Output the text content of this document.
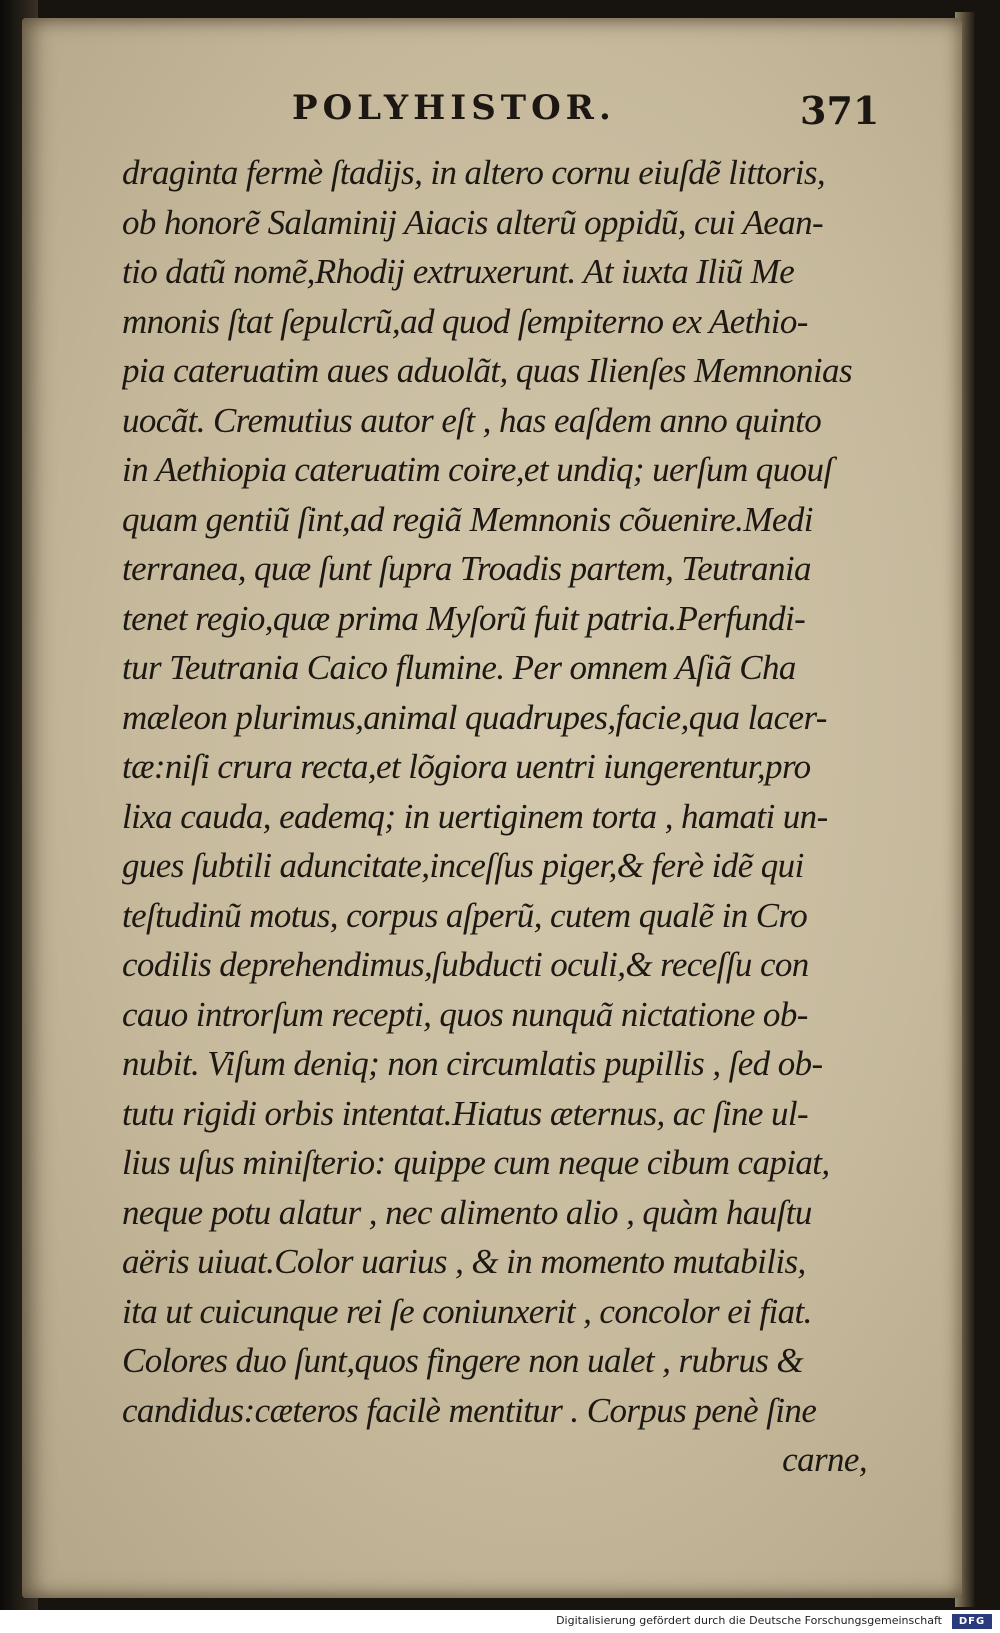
POLYHISTOR.	371
draginta fermè ſtadijs, in altero cornu eiuſdẽ littoris,
ob honorẽ Salaminij Aiacis alterũ oppidũ, cui Aean-
tio datũ nomẽ,Rhodij extruxerunt. At iuxta Iliũ Me
mnonis ſtat ſepulcrũ,ad quod ſempiterno ex Aethio-
pia cateruatim aues aduolãt, quas Ilienſes Memnonias
uocãt. Cremutius autor eſt , has eaſdem anno quinto
in Aethiopia cateruatim coire,et undiq; uerſum quouſ
quam gentiũ ſint,ad regiã Memnonis cõuenire.Medi
terranea, quæ ſunt ſupra Troadis partem, Teutrania
tenet regio,quæ prima Myſorũ fuit patria.Perfundi-
tur Teutrania Caico flumine. Per omnem Aſiã Cha
mæleon plurimus,animal quadrupes,facie,qua lacer-
tæ:niſi crura recta,et lõgiora uentri iungerentur,pro
lixa cauda, eademq; in uertiginem torta , hamati un-
gues ſubtili aduncitate,inceſſus piger,& ferè idẽ qui
teſtudinũ motus, corpus aſperũ, cutem qualẽ in Cro
codilis deprehendimus,ſubducti oculi,& receſſu con
cauo introrſum recepti, quos nunquã nictatione ob-
nubit. Viſum deniq; non circumlatis pupillis , ſed ob-
tutu rigidi orbis intentat.Hiatus æternus, ac ſine ul-
lius uſus miniſterio: quippe cum neque cibum capiat,
neque potu alatur , nec alimento alio , quàm hauſtu
aëris uiuat.Color uarius , & in momento mutabilis,
ita ut cuicunque rei ſe coniunxerit , concolor ei fiat.
Colores duo ſunt,quos fingere non ualet , rubrus &
candidus:cæteros facilè mentitur . Corpus penè ſine
carne,
Digitalisierung gefördert durch die Deutsche Forschungsgemeinschaft	DFG
